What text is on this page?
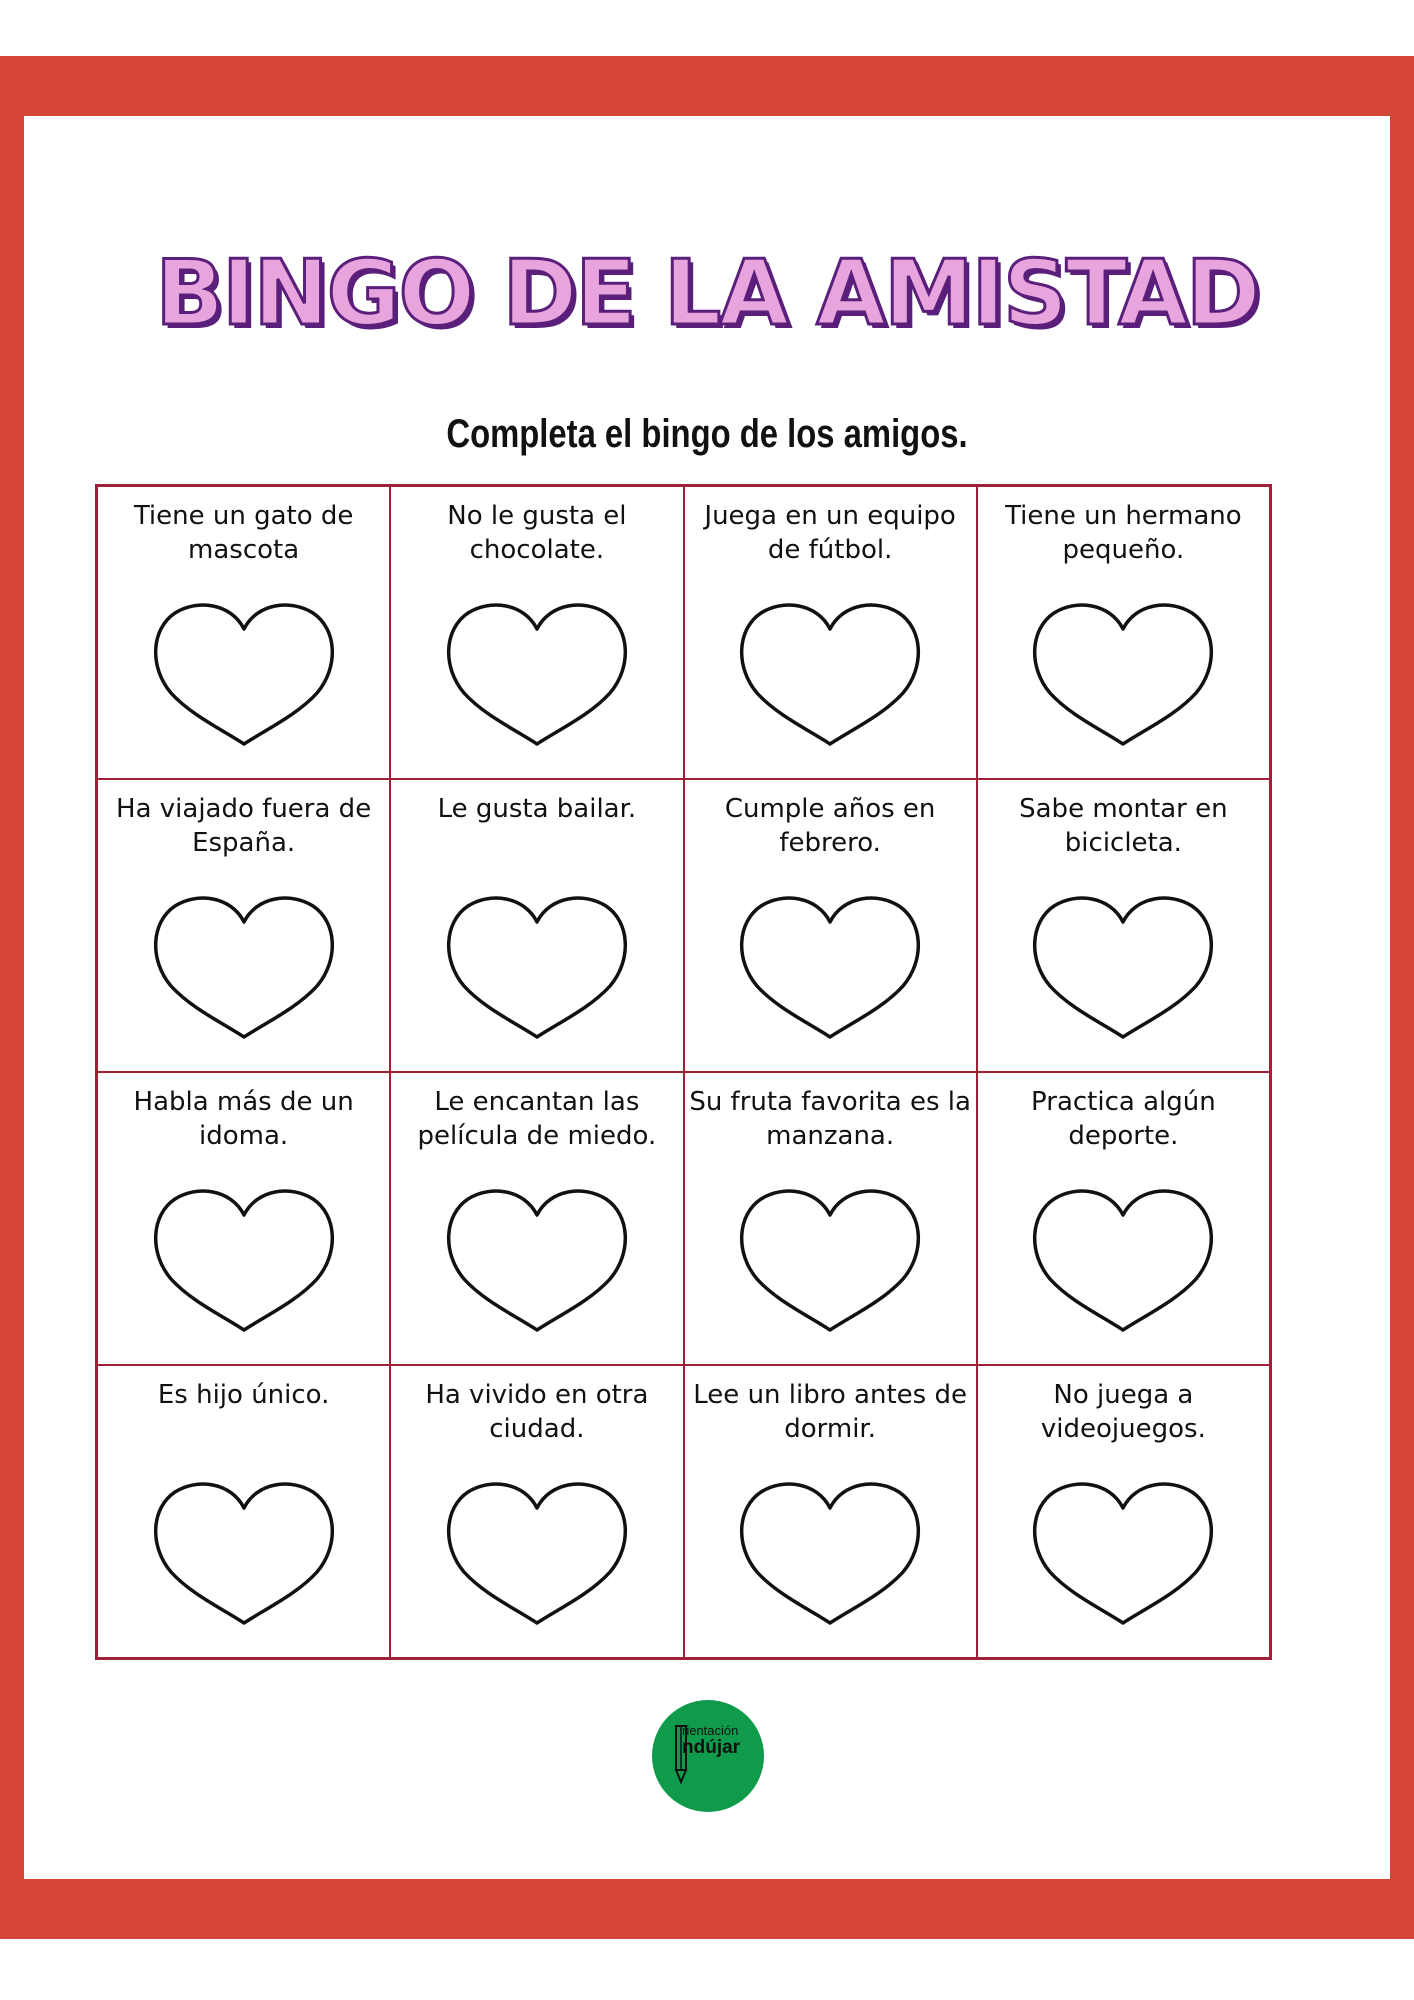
BINGO DE LA AMISTAD

Completa el bingo de los amigos.

Tiene un gato de mascota
No le gusta el chocolate.
Juega en un equipo de fútbol.
Tiene un hermano pequeño.
Ha viajado fuera de España.
Le gusta bailar.	Cumple años en febrero.
Sabe montar en bicicleta.
Habla más de un idoma.
Le encantan las película de miedo.
Su fruta favorita es la manzana.
Practica algún deporte.
Es hijo único.	Ha vivido en otra ciudad.
Lee un libro antes de dormir.
No juega a videojuegos.
rientación
ndújar
